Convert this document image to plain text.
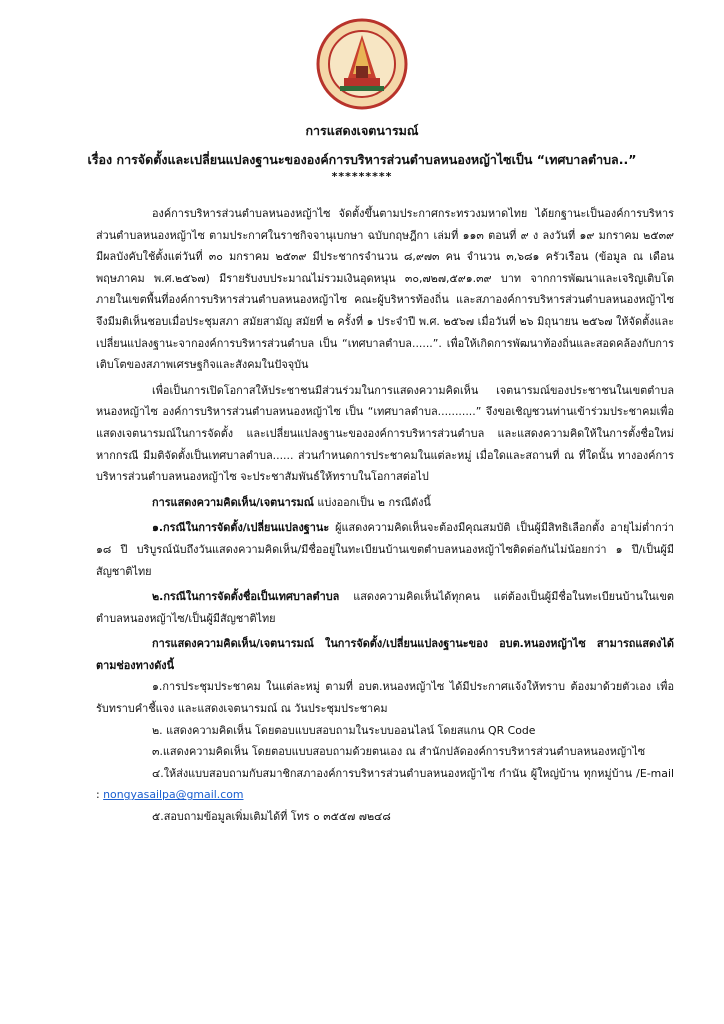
การแสดงเจตนารมณ์
เรื่อง การจัดตั้งและเปลี่ยนแปลงฐานะขององค์การบริหารส่วนตำบลหนองหญ้าไซเป็น “เทศบาลตำบล..”
*********

องค์การบริหารส่วนตำบลหนองหญ้าไซ จัดตั้งขึ้นตามประกาศกระทรวงมหาดไทย ได้ยกฐานะเป็นองค์การบริหารส่วนตำบลหนองหญ้าไซ ตามประกาศในราชกิจจานุเบกษา ฉบับกฤษฎีกา เล่มที่ ๑๑๓ ตอนที่ ๙ ง ลงวันที่ ๑๙ มกราคม ๒๕๓๙ มีผลบังคับใช้ตั้งแต่วันที่ ๓๐ มกราคม ๒๕๓๙ มีประชากรจำนวน ๘,๙๗๓ คน จำนวน ๓,๖๘๑ ครัวเรือน (ข้อมูล ณ เดือนพฤษภาคม พ.ศ.๒๕๖๗) มีรายรับงบประมาณไม่รวมเงินอุดหนุน ๓๐,๗๒๗,๕๙๑.๓๙ บาท จากการพัฒนาและเจริญเติบโตภายในเขตพื้นที่องค์การบริหารส่วนตำบลหนองหญ้าไซ คณะผู้บริหารท้องถิ่น และสภาองค์การบริหารส่วนตำบลหนองหญ้าไซ จึงมีมติเห็นชอบเมื่อประชุมสภา สมัยสามัญ สมัยที่ ๒ ครั้งที่ ๑ ประจำปี พ.ศ. ๒๕๖๗ เมื่อวันที่ ๒๖ มิถุนายน ๒๕๖๗ ให้จัดตั้งและเปลี่ยนแปลงฐานะจากองค์การบริหารส่วนตำบล เป็น “เทศบาลตำบล......”. เพื่อให้เกิดการพัฒนาท้องถิ่นและสอดคล้องกับการเติบโตของสภาพเศรษฐกิจและสังคมในปัจจุบัน

เพื่อเป็นการเปิดโอกาสให้ประชาชนมีส่วนร่วมในการแสดงความคิดเห็น เจตนารมณ์ของประชาชนในเขตตำบลหนองหญ้าไซ องค์การบริหารส่วนตำบลหนองหญ้าไซ เป็น “เทศบาลตำบล...........” จึงขอเชิญชวนท่านเข้าร่วมประชาคมเพื่อแสดงเจตนารมณ์ในการจัดตั้ง และเปลี่ยนแปลงฐานะขององค์การบริหารส่วนตำบล และแสดงความคิดให้ในการตั้งชื่อใหม่หากกรณี มีมติจัดตั้งเป็นเทศบาลตำบล...... ส่วนกำหนดการประชาคมในแต่ละหมู่ เมื่อใดและสถานที่ ณ ที่ใดนั้น ทางองค์การบริหารส่วนตำบลหนองหญ้าไซ จะประชาสัมพันธ์ให้ทราบในโอกาสต่อไป

การแสดงความคิดเห็น/เจตนารมณ์ แบ่งออกเป็น ๒ กรณีดังนี้

๑.กรณีในการจัดตั้ง/เปลี่ยนแปลงฐานะ ผู้แสดงความคิดเห็นจะต้องมีคุณสมบัติ เป็นผู้มีสิทธิเลือกตั้ง อายุไม่ต่ำกว่า ๑๘ ปี บริบูรณ์นับถึงวันแสดงความคิดเห็น/มีชื่ออยู่ในทะเบียนบ้านเขตตำบลหนองหญ้าไซติดต่อกันไม่น้อยกว่า ๑ ปี/เป็นผู้มีสัญชาติไทย

๒.กรณีในการจัดตั้งชื่อเป็นเทศบาลตำบล แสดงความคิดเห็นได้ทุกคน แต่ต้องเป็นผู้มีชื่อในทะเบียนบ้านในเขตตำบลหนองหญ้าไซ/เป็นผู้มีสัญชาติไทย

การแสดงความคิดเห็น/เจตนารมณ์ ในการจัดตั้ง/เปลี่ยนแปลงฐานะของ อบต.หนองหญ้าไซ สามารถแสดงได้ ตามช่องทางดังนี้

๑.การประชุมประชาคม ในแต่ละหมู่ ตามที่ อบต.หนองหญ้าไซ ได้มีประกาศแจ้งให้ทราบ ต้องมาด้วยตัวเอง เพื่อรับทราบคำชี้แจง และแสดงเจตนารมณ์ ณ วันประชุมประชาคม

๒. แสดงความคิดเห็น โดยตอบแบบสอบถามในระบบออนไลน์ โดยสแกน QR Code

๓.แสดงความคิดเห็น โดยตอบแบบสอบถามด้วยตนเอง ณ สำนักปลัดองค์การบริหารส่วนตำบลหนองหญ้าไซ

๔.ให้ส่งแบบสอบถามกับสมาชิกสภาองค์การบริหารส่วนตำบลหนองหญ้าไซ กำนัน ผู้ใหญ่บ้าน ทุกหมู่บ้าน /E-mail : nongyasailpa@gmail.com

๕.สอบถามข้อมูลเพิ่มเติมได้ที่ โทร ๐ ๓๕๕๗ ๗๒๔๘
